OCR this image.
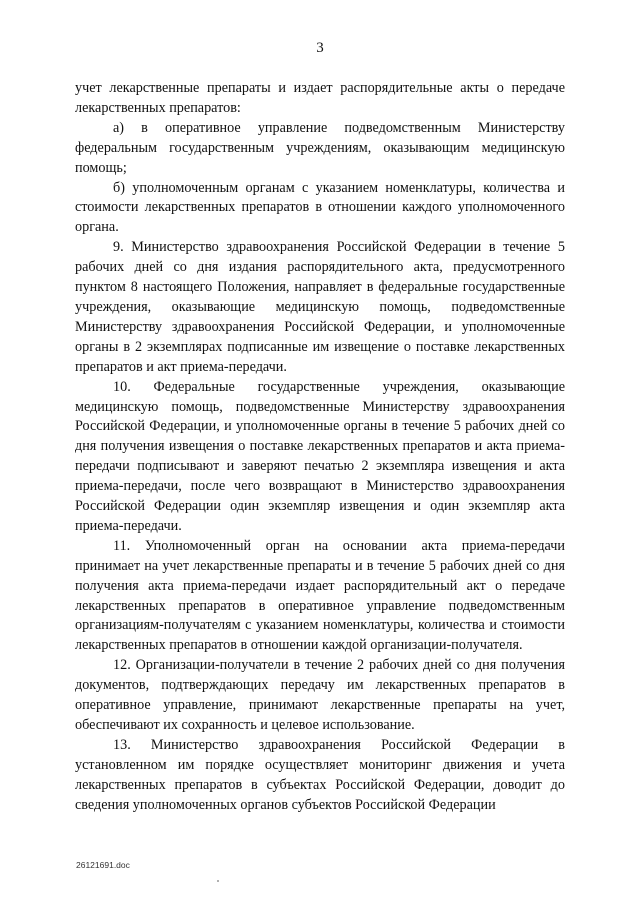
3

учет лекарственные препараты и издает распорядительные акты о передаче лекарственных препаратов:

а) в оперативное управление подведомственным Министерству федеральным государственным учреждениям, оказывающим медицинскую помощь;

б) уполномоченным органам с указанием номенклатуры, количества и стоимости лекарственных препаратов в отношении каждого уполномоченного органа.

9. Министерство здравоохранения Российской Федерации в течение 5 рабочих дней со дня издания распорядительного акта, предусмотренного пунктом 8 настоящего Положения, направляет в федеральные государственные учреждения, оказывающие медицинскую помощь, подведомственные Министерству здравоохранения Российской Федерации, и уполномоченные органы в 2 экземплярах подписанные им извещение о поставке лекарственных препаратов и акт приема-передачи.

10. Федеральные государственные учреждения, оказывающие медицинскую помощь, подведомственные Министерству здравоохранения Российской Федерации, и уполномоченные органы в течение 5 рабочих дней со дня получения извещения о поставке лекарственных препаратов и акта приема-передачи подписывают и заверяют печатью 2 экземпляра извещения и акта приема-передачи, после чего возвращают в Министерство здравоохранения Российской Федерации один экземпляр извещения и один экземпляр акта приема-передачи.

11. Уполномоченный орган на основании акта приема-передачи принимает на учет лекарственные препараты и в течение 5 рабочих дней со дня получения акта приема-передачи издает распорядительный акт о передаче лекарственных препаратов в оперативное управление подведомственным организациям-получателям с указанием номенклатуры, количества и стоимости лекарственных препаратов в отношении каждой организации-получателя.

12. Организации-получатели в течение 2 рабочих дней со дня получения документов, подтверждающих передачу им лекарственных препаратов в оперативное управление, принимают лекарственные препараты на учет, обеспечивают их сохранность и целевое использование.

13. Министерство здравоохранения Российской Федерации в установленном им порядке осуществляет мониторинг движения и учета лекарственных препаратов в субъектах Российской Федерации, доводит до сведения уполномоченных органов субъектов Российской Федерации

26121691.doc
